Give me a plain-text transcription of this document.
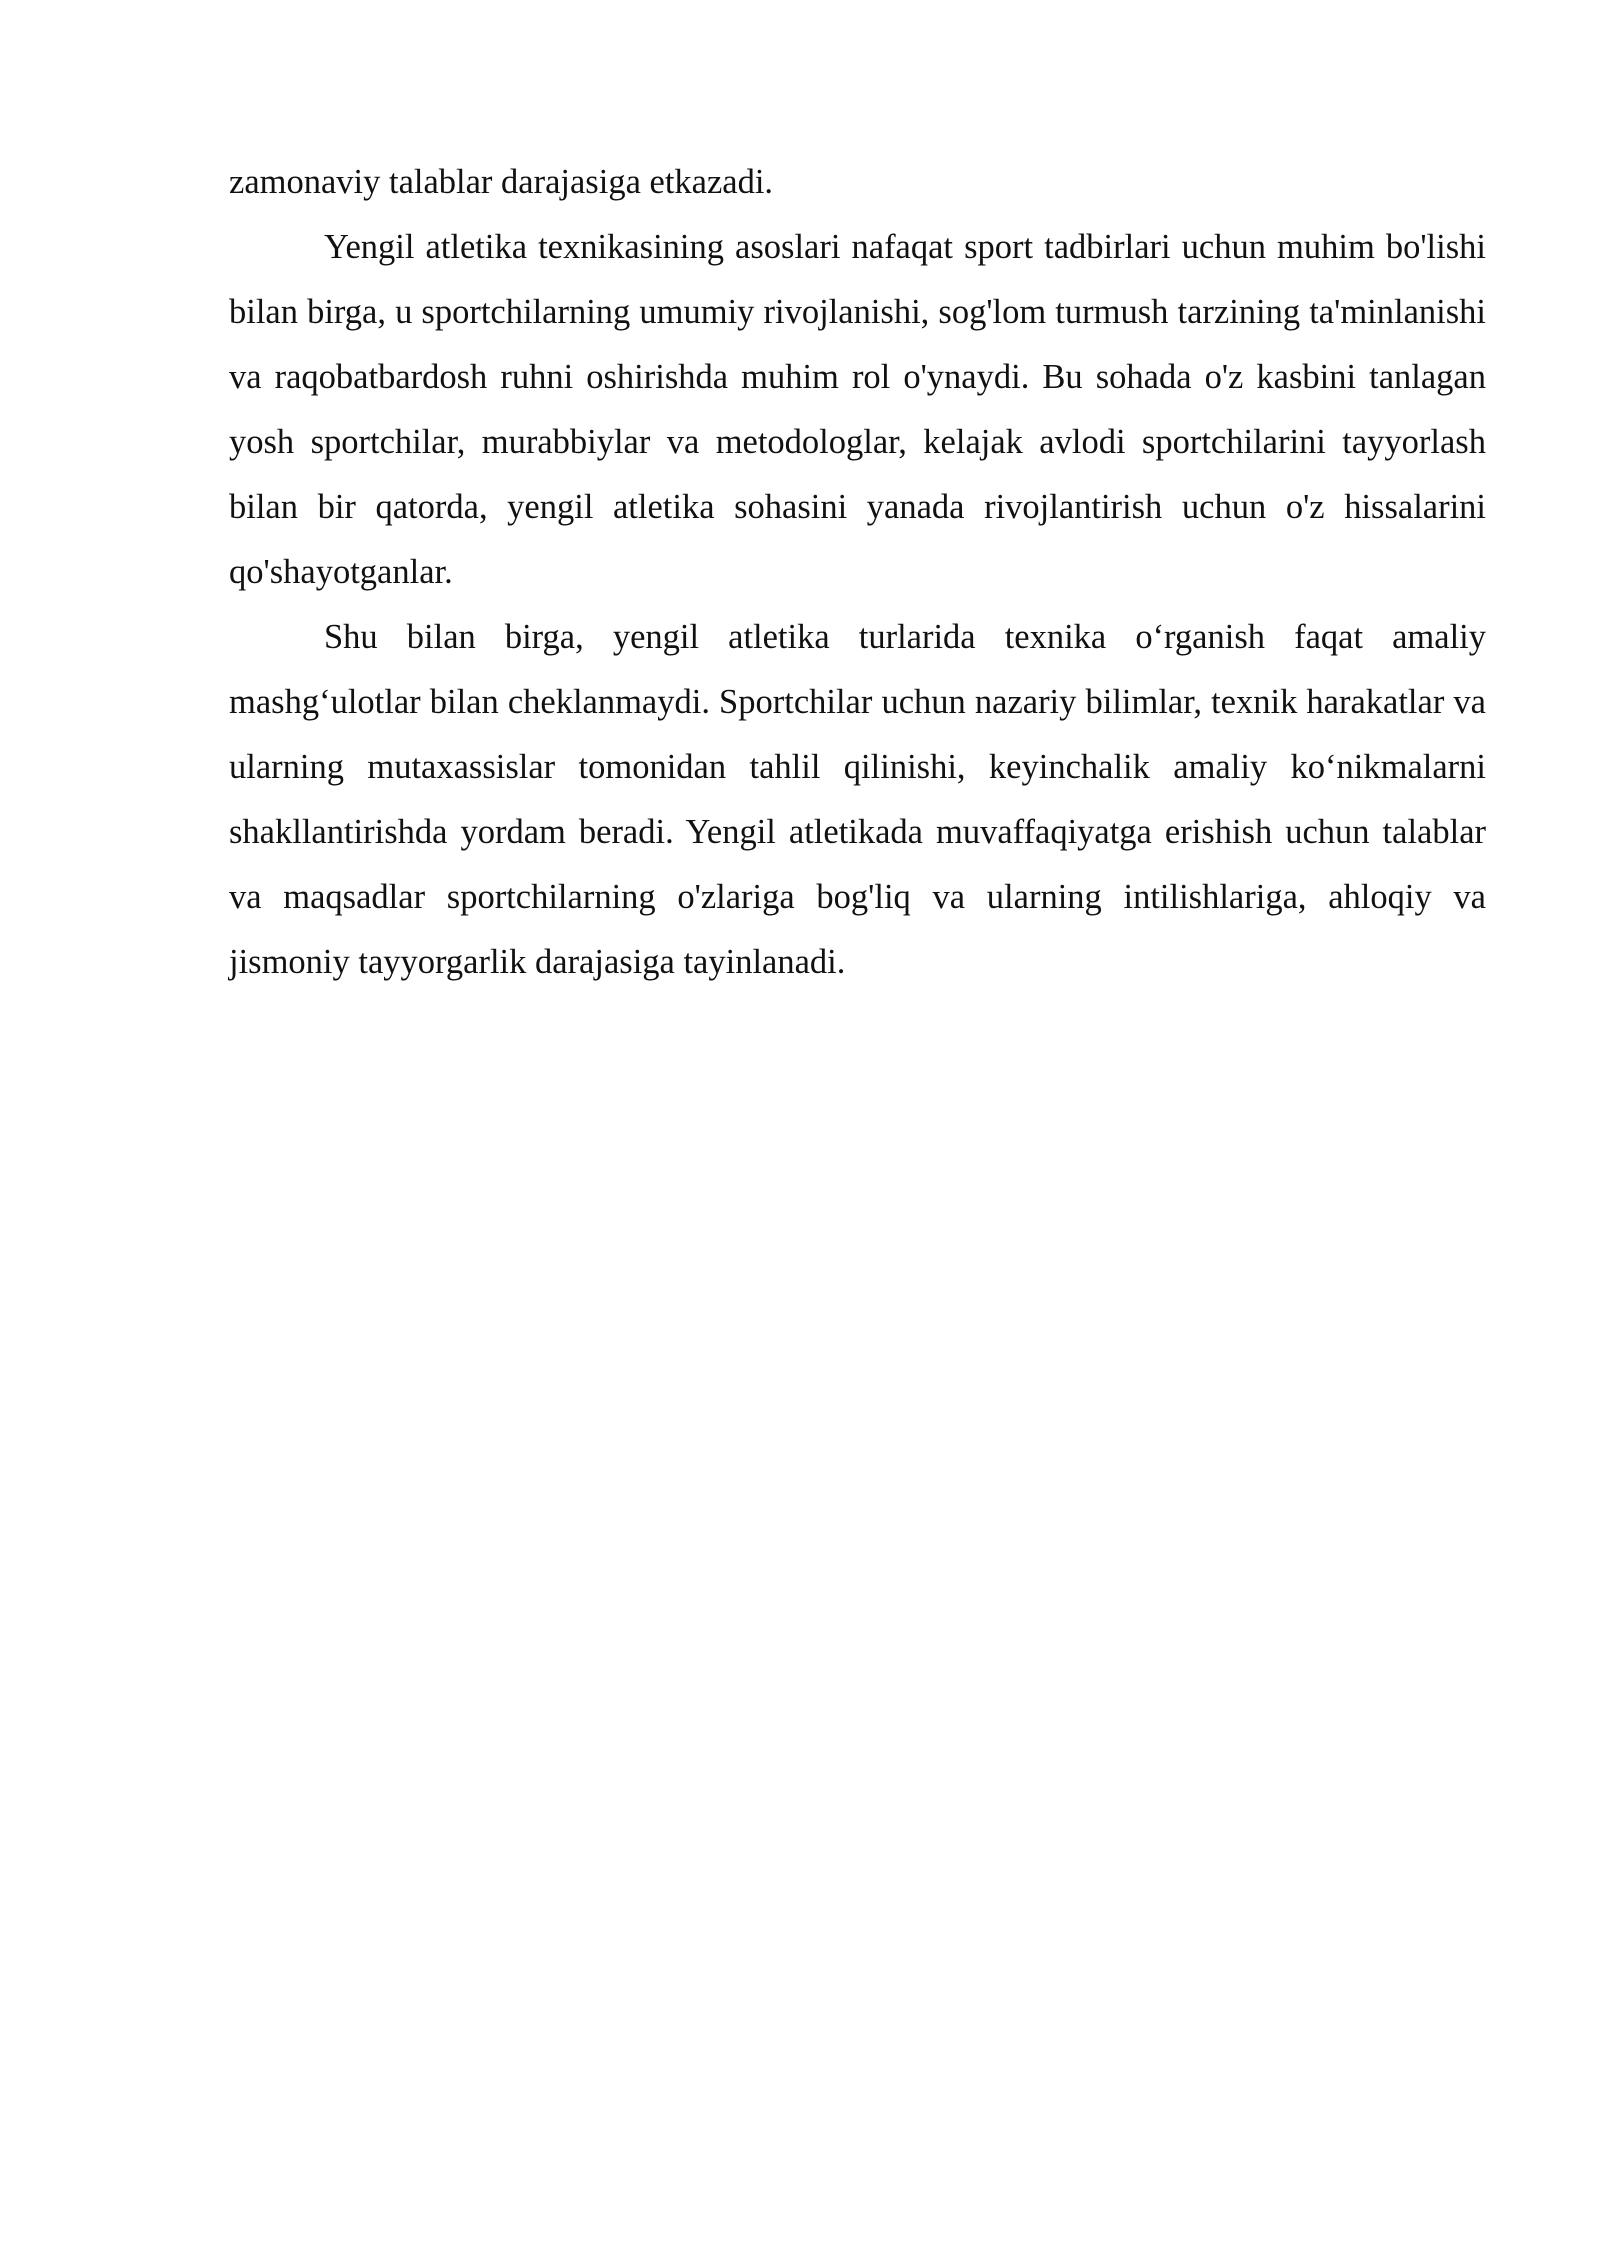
zamonaviy talablar darajasiga etkazadi.

Yengil atletika texnikasining asoslari nafaqat sport tadbirlari uchun muhim bo'lishi bilan birga, u sportchilarning umumiy rivojlanishi, sog'lom turmush tarzining ta'minlanishi va raqobatbardosh ruhni oshirishda muhim rol o'ynaydi. Bu sohada o'z kasbini tanlagan yosh sportchilar, murabbiylar va metodologlar, kelajak avlodi sportchilarini tayyorlash bilan bir qatorda, yengil atletika sohasini yanada rivojlantirish uchun o'z hissalarini qo'shayotganlar.

Shu bilan birga, yengil atletika turlarida texnika o‘rganish faqat amaliy mashg‘ulotlar bilan cheklanmaydi. Sportchilar uchun nazariy bilimlar, texnik harakatlar va ularning mutaxassislar tomonidan tahlil qilinishi, keyinchalik amaliy ko‘nikmalarni shakllantirishda yordam beradi. Yengil atletikada muvaffaqiyatga erishish uchun talablar va maqsadlar sportchilarning o'zlariga bog'liq va ularning intilishlariga, ahloqiy va jismoniy tayyorgarlik darajasiga tayinlanadi.
